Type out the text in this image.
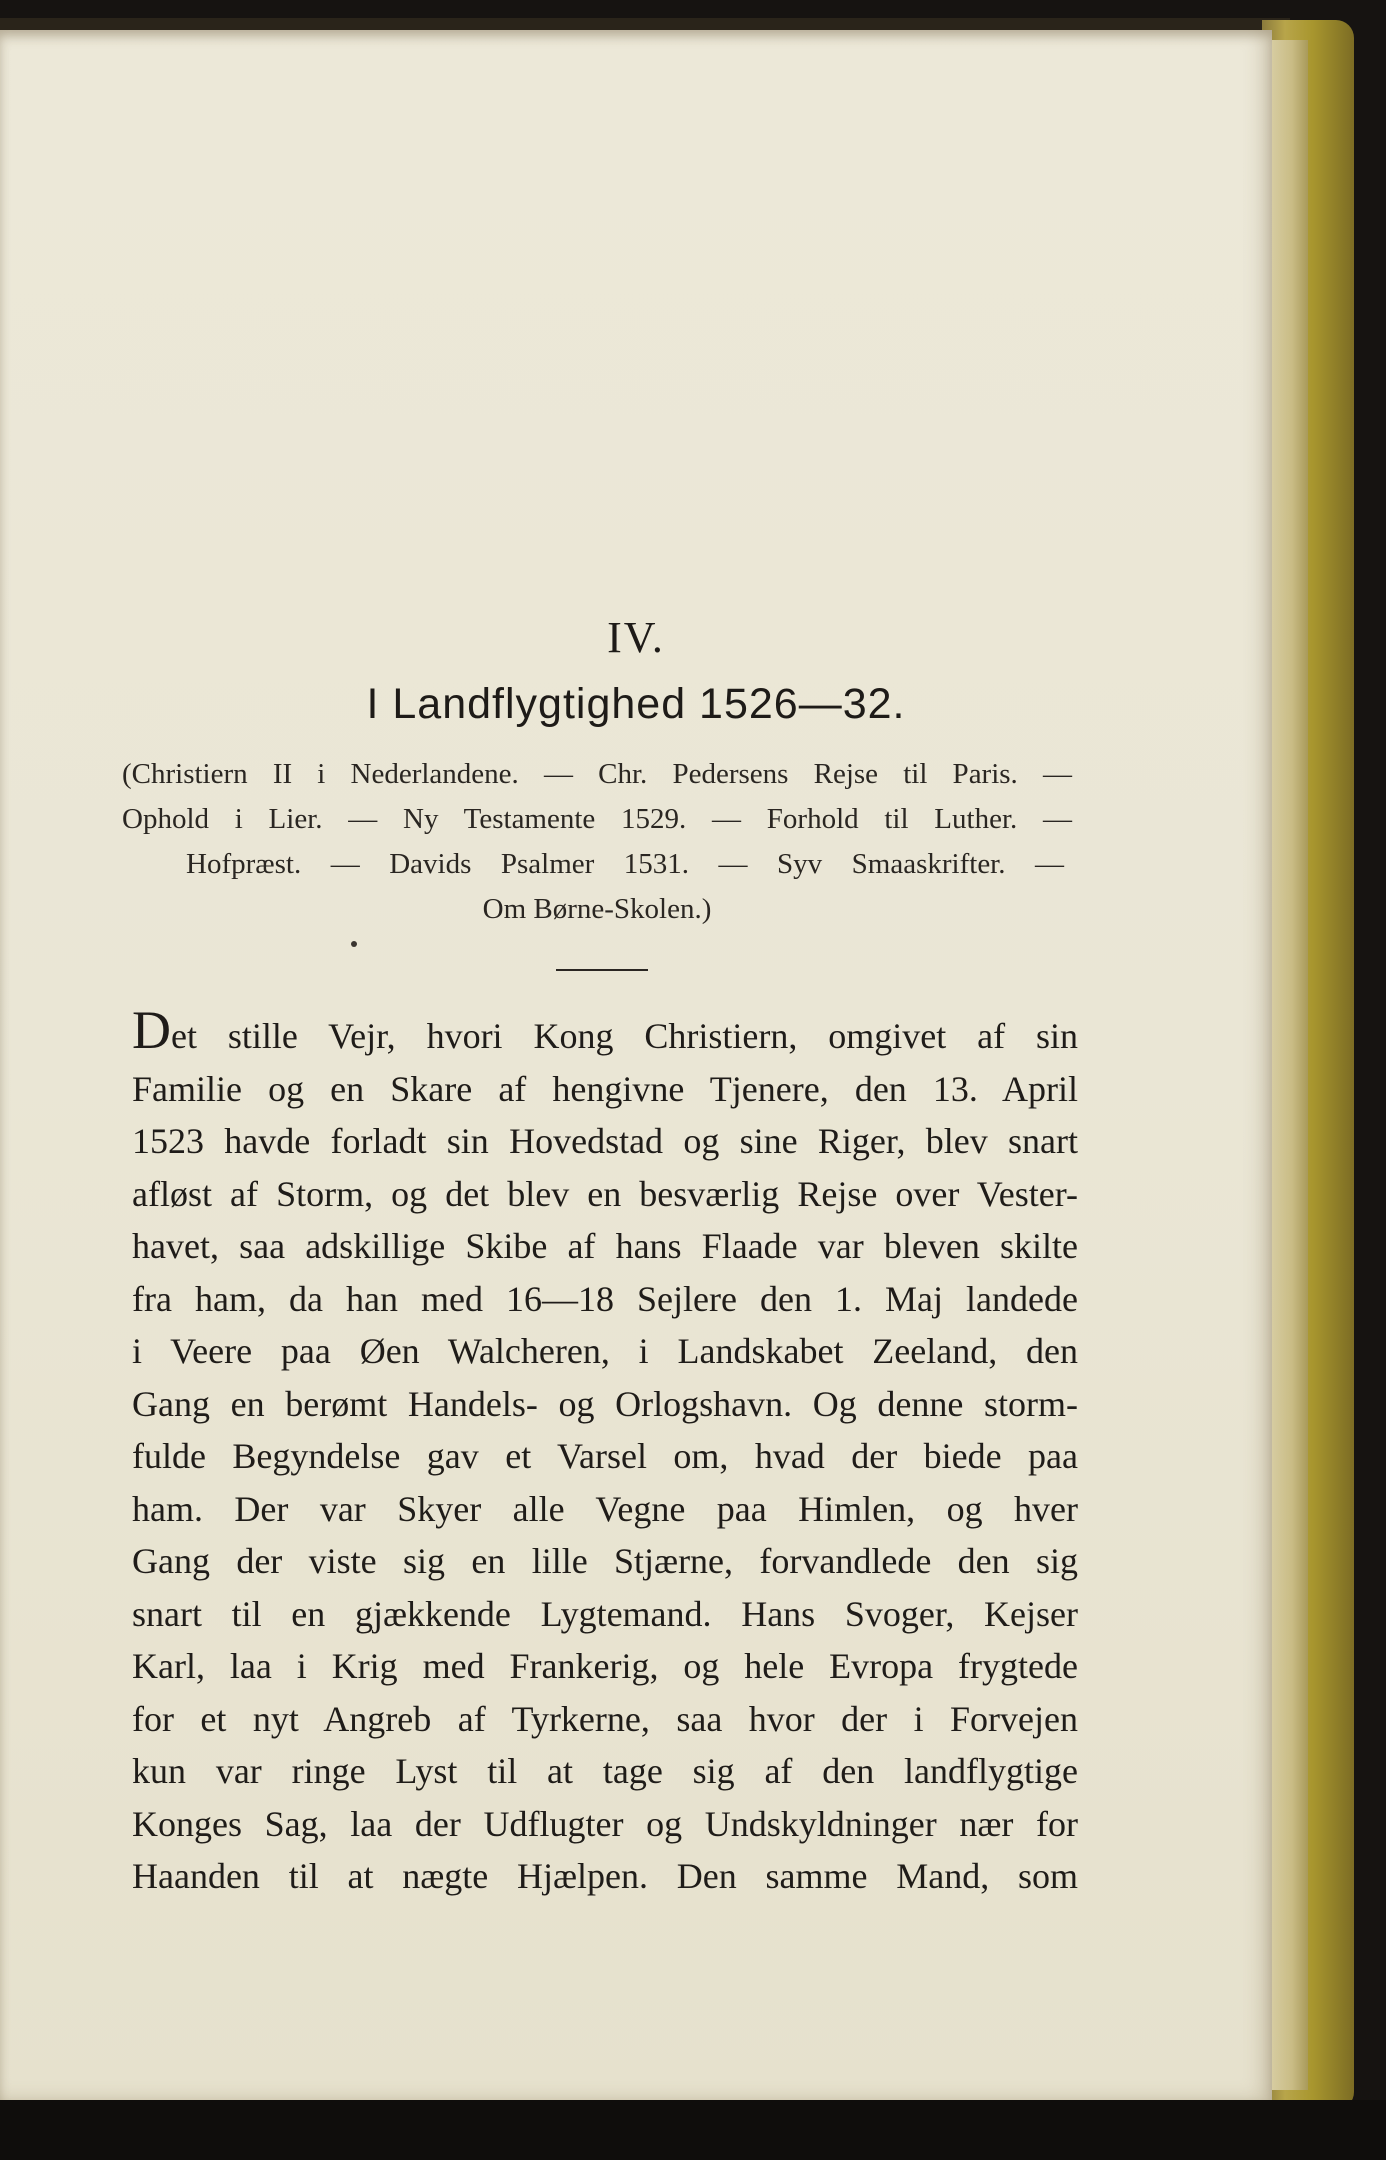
IV.
I Landflygtighed 1526—32.
(Christiern II i Nederlandene. — Chr. Pedersens Rejse til Paris. —
Ophold i Lier. — Ny Testamente 1529. — Forhold til Luther. —
Hofpræst. — Davids Psalmer 1531. — Syv Smaaskrifter. —
Om Børne-Skolen.)
Det stille Vejr, hvori Kong Christiern, omgivet af sin
Familie og en Skare af hengivne Tjenere, den 13. April
1523 havde forladt sin Hovedstad og sine Riger, blev snart
afløst af Storm, og det blev en besværlig Rejse over Vester-
havet, saa adskillige Skibe af hans Flaade var bleven skilte
fra ham, da han med 16—18 Sejlere den 1. Maj landede
i Veere paa Øen Walcheren, i Landskabet Zeeland, den
Gang en berømt Handels- og Orlogshavn. Og denne storm-
fulde Begyndelse gav et Varsel om, hvad der biede paa
ham. Der var Skyer alle Vegne paa Himlen, og hver
Gang der viste sig en lille Stjærne, forvandlede den sig
snart til en gjækkende Lygtemand. Hans Svoger, Kejser
Karl, laa i Krig med Frankerig, og hele Evropa frygtede
for et nyt Angreb af Tyrkerne, saa hvor der i Forvejen
kun var ringe Lyst til at tage sig af den landflygtige
Konges Sag, laa der Udflugter og Undskyldninger nær for
Haanden til at nægte Hjælpen. Den samme Mand, som
